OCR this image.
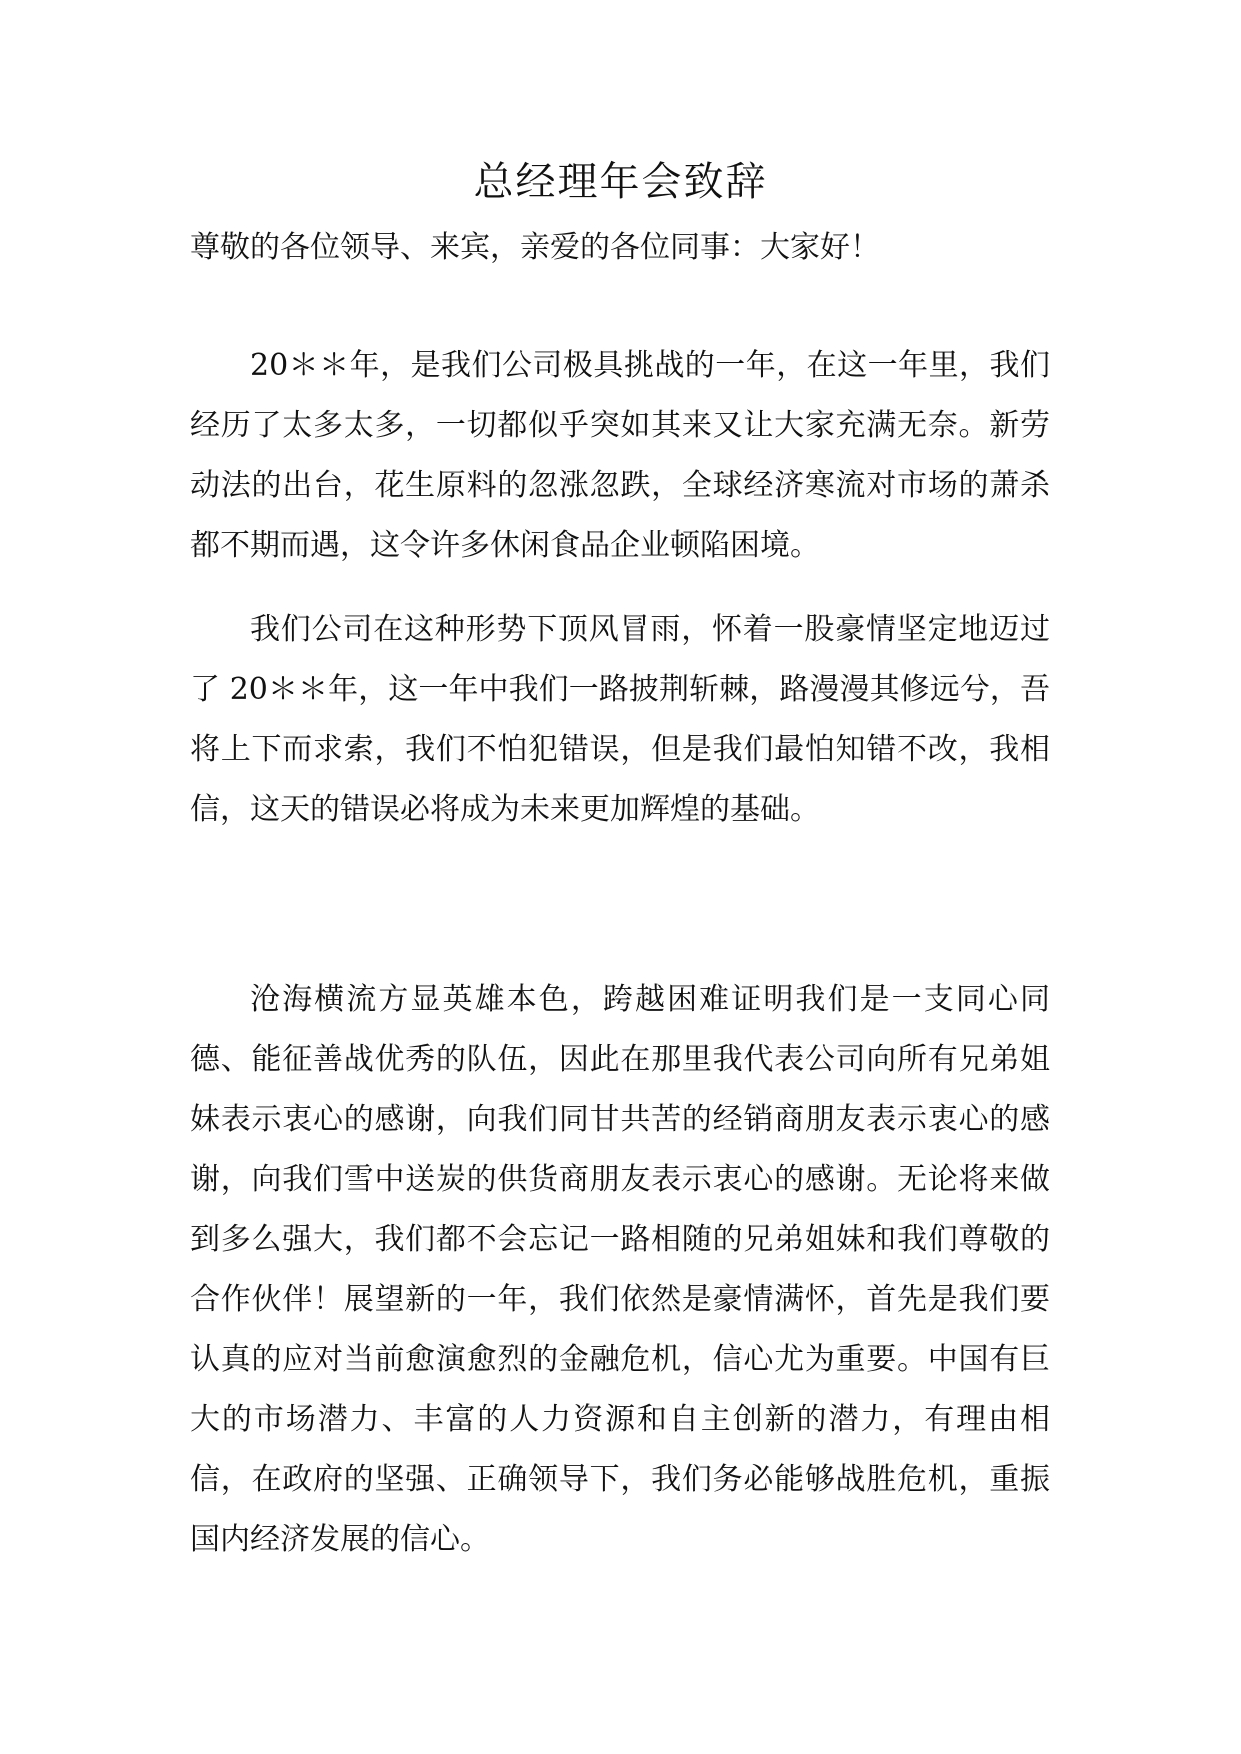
总经理年会致辞

尊敬的各位领导、来宾，亲爱的各位同事：大家好！

20＊＊年，是我们公司极具挑战的一年，在这一年里，我们经历了太多太多，一切都似乎突如其来又让大家充满无奈。新劳动法的出台，花生原料的忽涨忽跌，全球经济寒流对市场的萧杀都不期而遇，这令许多休闲食品企业顿陷困境。

我们公司在这种形势下顶风冒雨，怀着一股豪情坚定地迈过了 20＊＊年，这一年中我们一路披荆斩棘，路漫漫其修远兮，吾将上下而求索，我们不怕犯错误，但是我们最怕知错不改，我相信，这天的错误必将成为未来更加辉煌的基础。

沧海横流方显英雄本色，跨越困难证明我们是一支同心同德、能征善战优秀的队伍，因此在那里我代表公司向所有兄弟姐妹表示衷心的感谢，向我们同甘共苦的经销商朋友表示衷心的感谢，向我们雪中送炭的供货商朋友表示衷心的感谢。无论将来做到多么强大，我们都不会忘记一路相随的兄弟姐妹和我们尊敬的合作伙伴！展望新的一年，我们依然是豪情满怀，首先是我们要认真的应对当前愈演愈烈的金融危机，信心尤为重要。中国有巨大的市场潜力、丰富的人力资源和自主创新的潜力，有理由相信，在政府的坚强、正确领导下，我们务必能够战胜危机，重振国内经济发展的信心。
